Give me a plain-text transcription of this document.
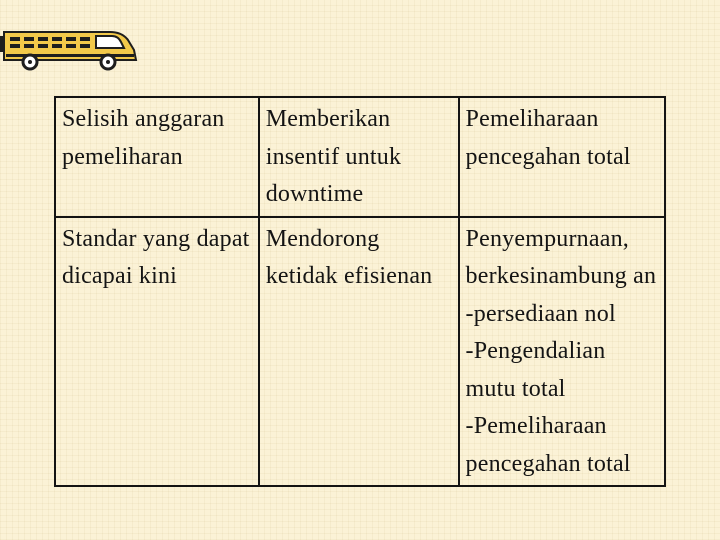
Selisih anggaran pemeliharan	Memberikan insentif untuk downtime	Pemeliharaan pencegahan total
Standar yang dapat dicapai kini	Mendorong ketidak efisienan	Penyempurnaan, berkesinambung an
-persediaan nol
-Pengendalian mutu total
-Pemeliharaan pencegahan total
